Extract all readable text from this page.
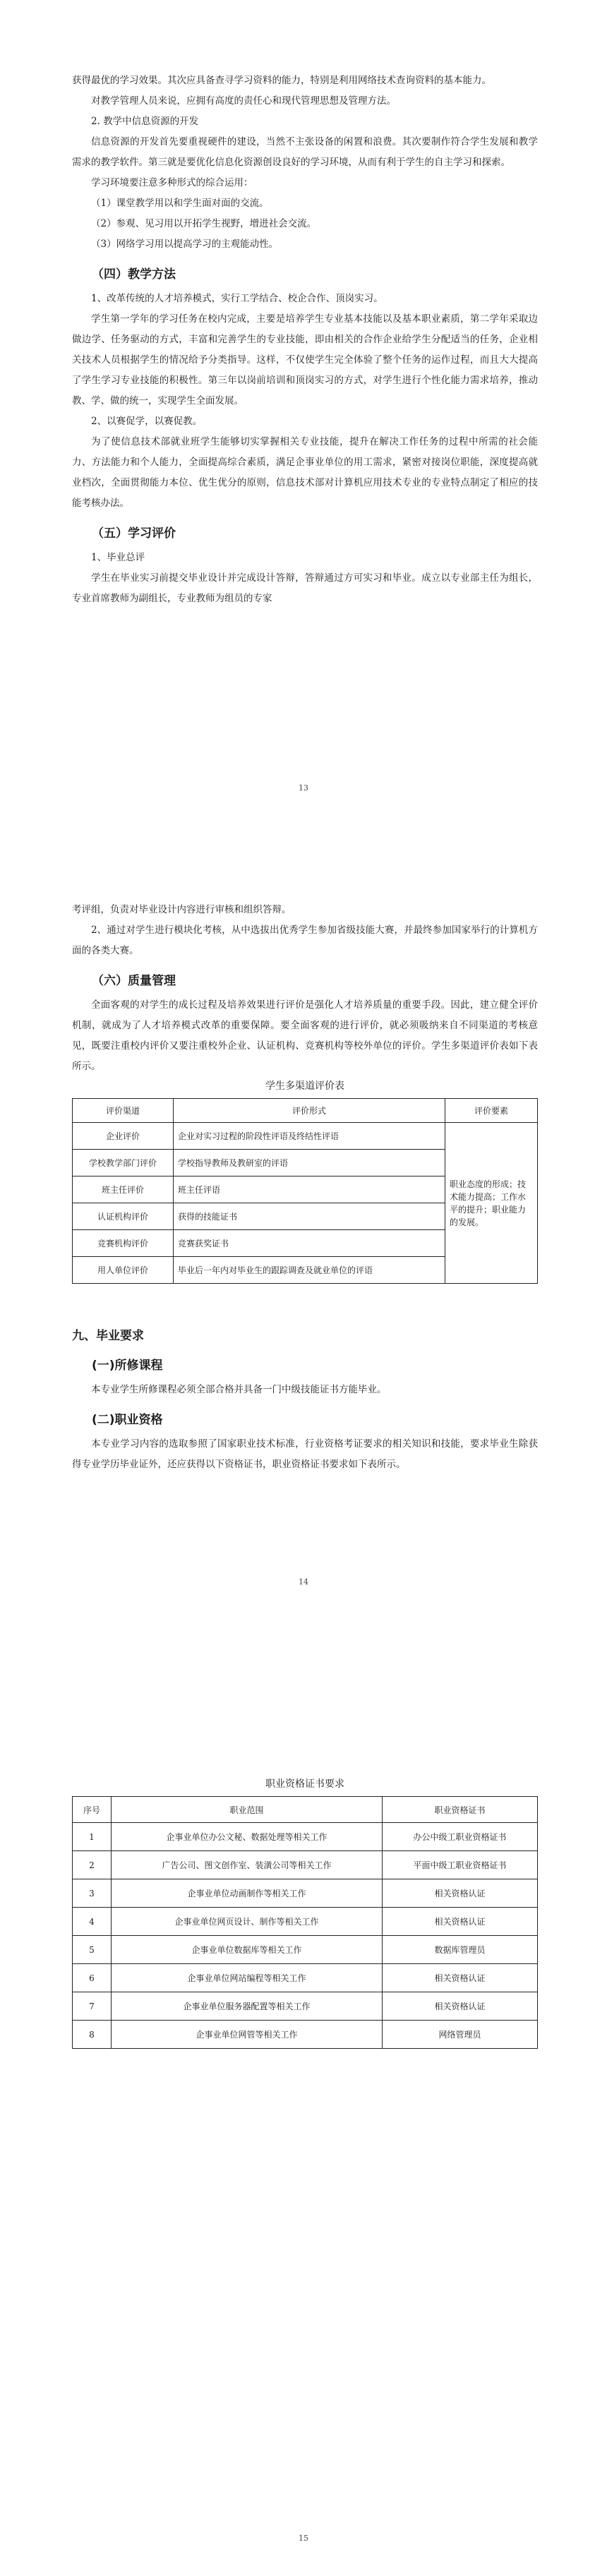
获得最优的学习效果。其次应具备查寻学习资料的能力，特别是利用网络技术查询资料的基本能力。

对教学管理人员来说，应拥有高度的责任心和现代管理思想及管理方法。

2. 教学中信息资源的开发

信息资源的开发首先要重视硬件的建设，当然不主张设备的闲置和浪费。其次要制作符合学生发展和教学需求的教学软件。第三就是要优化信息化资源创设良好的学习环境，从而有利于学生的自主学习和探索。

学习环境要注意多种形式的综合运用：

（1）课堂教学用以和学生面对面的交流。

（2）参观、见习用以开拓学生视野，增进社会交流。

（3）网络学习用以提高学习的主观能动性。

（四）教学方法

1、改革传统的人才培养模式，实行工学结合、校企合作、顶岗实习。

学生第一学年的学习任务在校内完成，主要是培养学生专业基本技能以及基本职业素质，第二学年采取边做边学、任务驱动的方式，丰富和完善学生的专业技能，即由相关的合作企业给学生分配适当的任务，企业相关技术人员根据学生的情况给予分类指导。这样，不仅使学生完全体验了整个任务的运作过程，而且大大提高了学生学习专业技能的积极性。第三年以岗前培训和顶岗实习的方式，对学生进行个性化能力需求培养，推动教、学、做的统一，实现学生全面发展。

2、以赛促学，以赛促教。

为了使信息技术部就业班学生能够切实掌握相关专业技能，提升在解决工作任务的过程中所需的社会能力、方法能力和个人能力，全面提高综合素质，满足企事业单位的用工需求，紧密对接岗位职能，深度提高就业档次，全面贯彻能力本位、优生优分的原则，信息技术部对计算机应用技术专业的专业特点制定了相应的技能考核办法。

（五）学习评价

1、毕业总评

学生在毕业实习前提交毕业设计并完成设计答辩，答辩通过方可实习和毕业。成立以专业部主任为组长，专业首席教师为副组长，专业教师为组员的专家

13

考评组，负责对毕业设计内容进行审核和组织答辩。

2、通过对学生进行模块化考核，从中选拔出优秀学生参加省级技能大赛，并最终参加国家举行的计算机方面的各类大赛。

（六）质量管理

全面客观的对学生的成长过程及培养效果进行评价是强化人才培养质量的重要手段。因此，建立健全评价机制，就成为了人才培养模式改革的重要保障。要全面客观的进行评价，就必须吸纳来自不同渠道的考核意见，既要注重校内评价又要注重校外企业、认证机构、竞赛机构等校外单位的评价。学生多渠道评价表如下表所示。

学生多渠道评价表
评价渠道	评价形式	评价要素
企业评价	企业对实习过程的阶段性评语及终结性评语	职业态度的形成；技术能力提高；工作水平的提升；职业能力的发展。
学校教学部门评价	学校指导教师及教研室的评语	
班主任评价	班主任评语	
认证机构评价	获得的技能证书	
竞赛机构评价	竞赛获奖证书	
用人单位评价	毕业后一年内对毕业生的跟踪调查及就业单位的评语	
九、毕业要求
(一)所修课程

本专业学生所修课程必须全部合格并具备一门中级技能证书方能毕业。

(二)职业资格

本专业学习内容的选取参照了国家职业技术标准，行业资格考证要求的相关知识和技能，要求毕业生除获得专业学历毕业证外，还应获得以下资格证书，职业资格证书要求如下表所示。

14
职业资格证书要求
序号	职业范围	职业资格证书
1	企事业单位办公文秘、数据处理等相关工作	办公中级工职业资格证书
2	广告公司、图文创作室、装潢公司等相关工作	平面中级工职业资格证书
3	企事业单位动画制作等相关工作	相关资格认证
4	企事业单位网页设计、制作等相关工作	相关资格认证
5	企事业单位数据库等相关工作	数据库管理员
6	企事业单位网站编程等相关工作	相关资格认证
7	企事业单位服务器配置等相关工作	相关资格认证
8	企事业单位网管等相关工作	网络管理员
15
